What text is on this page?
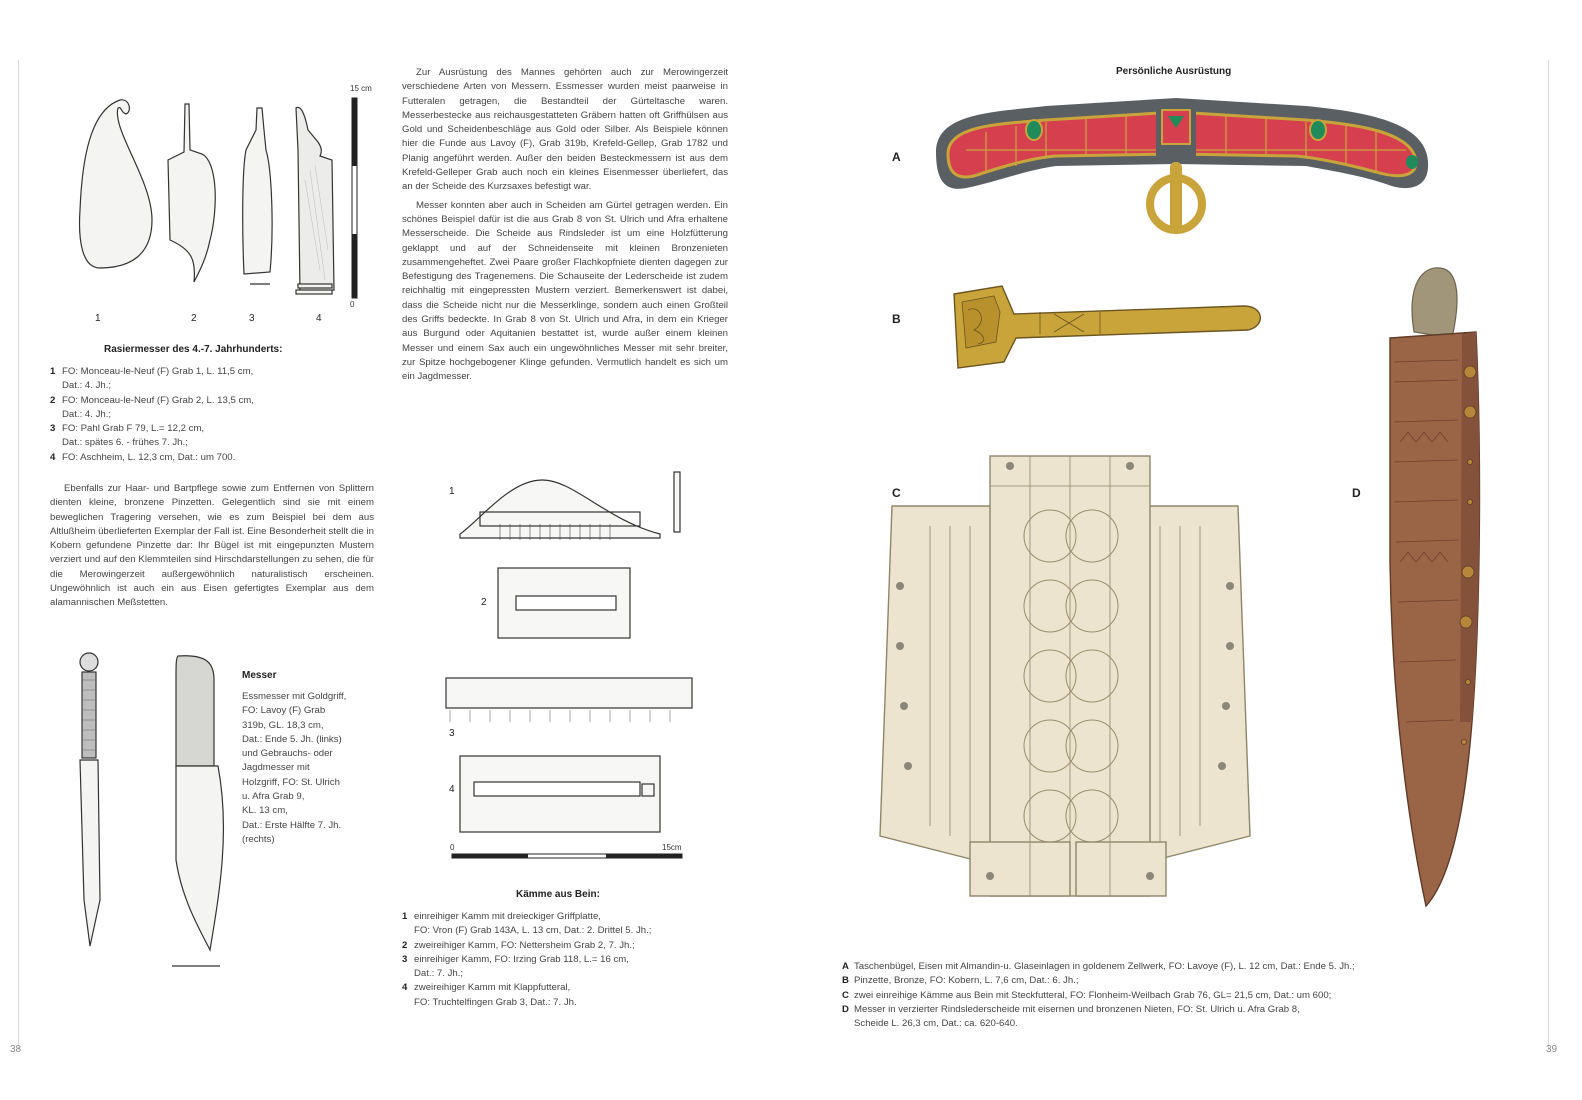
15 cm
0
1	2	3	4
Rasiermesser des 4.-7. Jahrhunderts:
1 FO: Monceau-le-Neuf (F) Grab 1, L. 11,5 cm,
Dat.: 4. Jh.;
2 FO: Monceau-le-Neuf (F) Grab 2, L. 13,5 cm,
Dat.: 4. Jh.;
3 FO: Pahl Grab F 79, L.= 12,2 cm,
Dat.: spätes 6. - frühes 7. Jh.;
4 FO: Aschheim, L. 12,3 cm, Dat.: um 700.

Ebenfalls zur Haar- und Bartpflege sowie zum Entfernen von Splittern dienten kleine, bronzene Pinzetten. Gelegentlich sind sie mit einem beweglichen Tragering versehen, wie es zum Beispiel bei dem aus Altlußheim überlieferten Exemplar der Fall ist. Eine Besonderheit stellt die in Kobern gefundene Pinzette dar: Ihr Bügel ist mit eingepunzten Mustern verziert und auf den Klemmteilen sind Hirschdarstellungen zu sehen, die für die Merowingerzeit außergewöhnlich naturalistisch erscheinen. Ungewöhnlich ist auch ein aus Eisen gefertigtes Exemplar aus dem alamannischen Meßstetten.

Messer
Essmesser mit Goldgriff,
FO: Lavoy (F) Grab
319b, GL. 18,3 cm,
Dat.: Ende 5. Jh. (links)
und Gebrauchs- oder
Jagdmesser mit
Holzgriff, FO: St. Ulrich
u. Afra Grab 9,
KL. 13 cm,
Dat.: Erste Hälfte 7. Jh.
(rechts)
38

Zur Ausrüstung des Mannes gehörten auch zur Merowingerzeit verschiedene Arten von Messern. Essmesser wurden meist paarweise in Futteralen getragen, die Bestandteil der Gürteltasche waren. Messerbestecke aus reichausgestatteten Gräbern hatten oft Griffhülsen aus Gold und Scheidenbeschläge aus Gold oder Silber. Als Beispiele können hier die Funde aus Lavoy (F), Grab 319b, Krefeld-Gellep, Grab 1782 und Planig angeführt werden. Außer den beiden Besteckmessern ist aus dem Krefeld-Gelleper Grab auch noch ein kleines Eisenmesser überliefert, das an der Scheide des Kurzsaxes befestigt war.

Messer konnten aber auch in Scheiden am Gürtel getragen werden. Ein schönes Beispiel dafür ist die aus Grab 8 von St. Ulrich und Afra erhaltene Messerscheide. Die Scheide aus Rindsleder ist um eine Holzfütterung geklappt und auf der Schneidenseite mit kleinen Bronzenieten zusammengeheftet. Zwei Paare großer Flachkopfniete dienten dagegen zur Befestigung des Tragenemens. Die Schauseite der Lederscheide ist zudem reichhaltig mit eingepressten Mustern verziert. Bemerkenswert ist dabei, dass die Scheide nicht nur die Messerklinge, sondern auch einen Großteil des Griffs bedeckte. In Grab 8 von St. Ulrich und Afra, in dem ein Krieger aus Burgund oder Aquitanien bestattet ist, wurde außer einem kleinen Messer und einem Sax auch ein ungewöhnliches Messer mit sehr breiter, zur Spitze hochgebogener Klinge gefunden. Vermutlich handelt es sich um ein Jagdmesser.

1
2
3
4
0	15cm
Kämme aus Bein:
1 einreihiger Kamm mit dreieckiger Griffplatte,
FO: Vron (F) Grab 143A, L. 13 cm, Dat.: 2. Drittel 5. Jh.;
2 zweireihiger Kamm, FO: Nettersheim Grab 2, 7. Jh.;
3 einreihiger Kamm, FO: Irzing Grab 118, L.= 16 cm,
Dat.: 7. Jh.;
4 zweireihiger Kamm mit Klappfutteral,
FO: Truchtelfingen Grab 3, Dat.: 7. Jh.
Persönliche Ausrüstung
A
B
C	D
A Taschenbügel, Eisen mit Almandin-u. Glaseinlagen in goldenem Zellwerk, FO: Lavoye (F), L. 12 cm, Dat.: Ende 5. Jh.;
B Pinzette, Bronze, FO: Kobern, L. 7,6 cm, Dat.: 6. Jh.;
C zwei einreihige Kämme aus Bein mit Steckfutteral, FO: Flonheim-Weilbach Grab 76, GL= 21,5 cm, Dat.: um 600;
D Messer in verzierter Rindslederscheide mit eisernen und bronzenen Nieten, FO: St. Ulrich u. Afra Grab 8,
Scheide L. 26,3 cm, Dat.: ca. 620-640.
39
